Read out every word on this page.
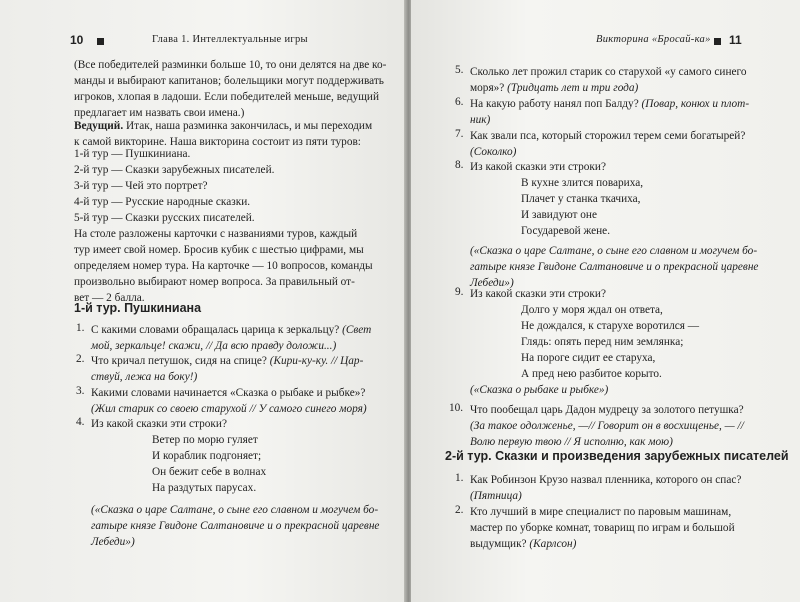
10	Глава 1. Интеллектуальные игры
(Все победителей разминки больше 10, то они делятся на две ко-
манды и выбирают капитанов; болельщики могут поддерживать
игроков, хлопая в ладоши. Если победителей меньше, ведущий
предлагает им назвать свои имена.)
Ведущий. Итак, наша разминка закончилась, и мы переходим
к самой викторине. Наша викторина состоит из пяти туров:
1-й тур — Пушкиниана.
2-й тур — Сказки зарубежных писателей.
3-й тур — Чей это портрет?
4-й тур — Русские народные сказки.
5-й тур — Сказки русских писателей.
На столе разложены карточки с названиями туров, каждый
тур имеет свой номер. Бросив кубик с шестью цифрами, мы
определяем номер тура. На карточке — 10 вопросов, команды
произвольно выбирают номер вопроса. За правильный от-
вет — 2 балла.
1-й тур. Пушкиниана
1. С какими словами обращалась царица к зеркальцу? (Свет
мой, зеркальце! скажи, // Да всю правду доложи...)
2. Что кричал петушок, сидя на спице? (Кири-ку-ку. // Цар-
ствуй, лежа на боку!)
3. Какими словами начинается «Сказка о рыбаке и рыбке»?
(Жил старик со своею старухой // У самого синего моря)
4. Из какой сказки эти строки?
Ветер по морю гуляет
И кораблик подгоняет;
Он бежит себе в волнах
На раздутых парусах.
(«Сказка о царе Салтане, о сыне его славном и могучем бо-
гатыре князе Гвидоне Салтановиче и о прекрасной царевне
Лебеди»)
Викторина «Бросай-ка» 11
5. Сколько лет прожил старик со старухой «у самого синего
моря»? (Тридцать лет и три года)
6. На какую работу нанял поп Балду? (Повар, конюх и плот-
ник)
7. Как звали пса, который сторожил терем семи богатырей?
(Соколко)
8. Из какой сказки эти строки?
В кухне злится повариха,
Плачет у станка ткачиха,
И завидуют оне
Государевой жене.
(«Сказка о царе Салтане, о сыне его славном и могучем бо-
гатыре князе Гвидоне Салтановиче и о прекрасной царевне
Лебеди»)
9. Из какой сказки эти строки?
Долго у моря ждал он ответа,
Не дождался, к старухе воротился —
Глядь: опять перед ним землянка;
На пороге сидит ее старуха,
А пред нею разбитое корыто.
(«Сказка о рыбаке и рыбке»)
10. Что пообещал царь Дадон мудрецу за золотого петушка?
(За такое одолженье, —// Говорит он в восхищенье, — //
Волю первую твою // Я исполню, как мою)
2-й тур. Сказки и произведения зарубежных писателей
1. Как Робинзон Крузо назвал пленника, которого он спас?
(Пятница)
2. Кто лучший в мире специалист по паровым машинам,
мастер по уборке комнат, товарищ по играм и большой
выдумщик? (Карлсон)
